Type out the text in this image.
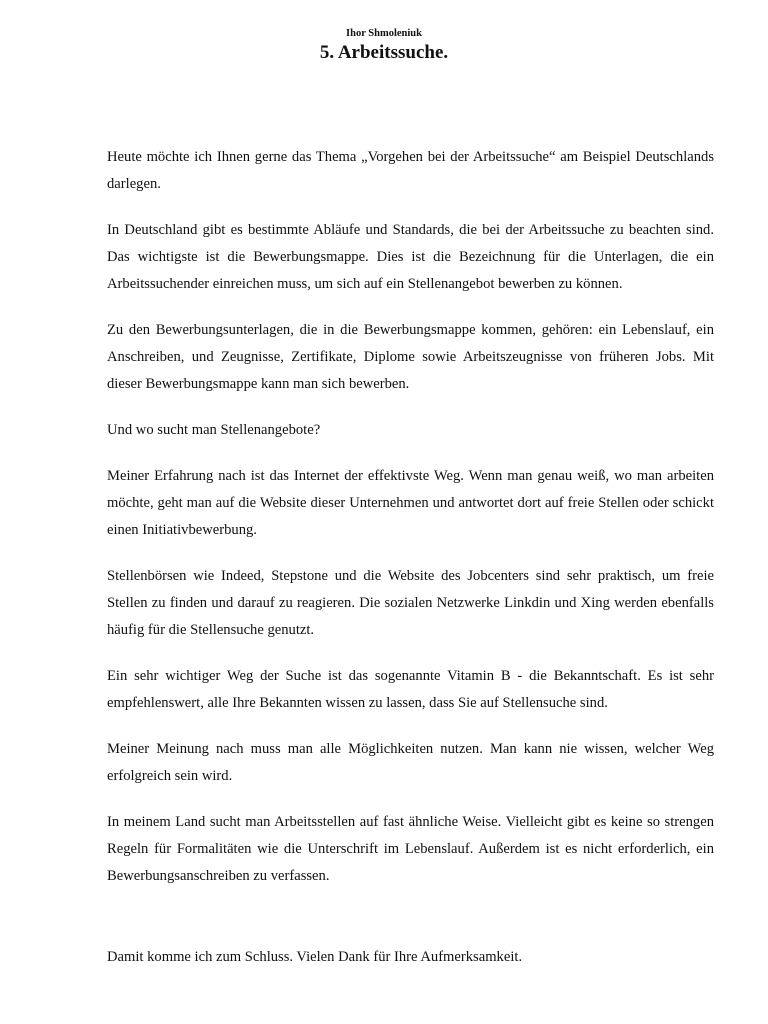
Ihor Shmoleniuk
5. Arbeitssuche.

Heute möchte ich Ihnen gerne das Thema „Vorgehen bei der Arbeitssuche“ am Beispiel Deutschlands darlegen.

In Deutschland gibt es bestimmte Abläufe und Standards, die bei der Arbeitssuche zu beachten sind. Das wichtigste ist die Bewerbungsmappe. Dies ist die Bezeichnung für die Unterlagen, die ein Arbeitssuchender einreichen muss, um sich auf ein Stellenangebot bewerben zu können.

Zu den Bewerbungsunterlagen, die in die Bewerbungsmappe kommen, gehören: ein Lebenslauf, ein Anschreiben, und Zeugnisse, Zertifikate, Diplome sowie Arbeitszeugnisse von früheren Jobs. Mit dieser Bewerbungsmappe kann man sich bewerben.

Und wo sucht man Stellenangebote?

Meiner Erfahrung nach ist das Internet der effektivste Weg. Wenn man genau weiß, wo man arbeiten möchte, geht man auf die Website dieser Unternehmen und antwortet dort auf freie Stellen oder schickt einen Initiativbewerbung.

Stellenbörsen wie Indeed, Stepstone und die Website des Jobcenters sind sehr praktisch, um freie Stellen zu finden und darauf zu reagieren. Die sozialen Netzwerke Linkdin und Xing werden ebenfalls häufig für die Stellensuche genutzt.

Ein sehr wichtiger Weg der Suche ist das sogenannte Vitamin B - die Bekanntschaft. Es ist sehr empfehlenswert, alle Ihre Bekannten wissen zu lassen, dass Sie auf Stellensuche sind.

Meiner Meinung nach muss man alle Möglichkeiten nutzen. Man kann nie wissen, welcher Weg erfolgreich sein wird.

In meinem Land sucht man Arbeitsstellen auf fast ähnliche Weise. Vielleicht gibt es keine so strengen Regeln für Formalitäten wie die Unterschrift im Lebenslauf. Außerdem ist es nicht erforderlich, ein Bewerbungsanschreiben zu verfassen.

Damit komme ich zum Schluss. Vielen Dank für Ihre Aufmerksamkeit.
